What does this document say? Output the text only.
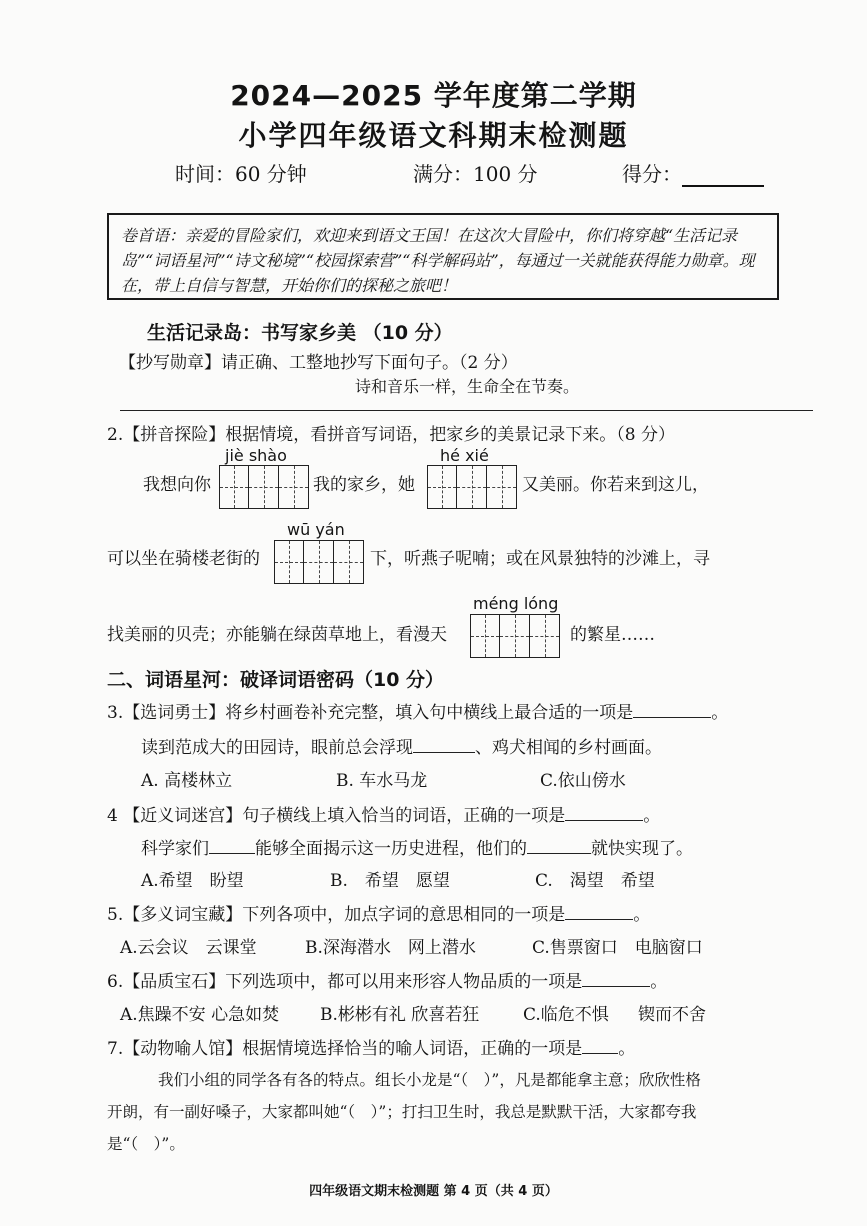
2024—2025 学年度第二学期
小学四年级语文科期末检测题
时间：60 分钟	满分：100 分	得分：
卷首语：亲爱的冒险家们，欢迎来到语文王国！在这次大冒险中，你们将穿越“生活记录岛”“词语星河”“诗文秘境”“校园探索营”“科学解码站”，每通过一关就能获得能力勋章。现在，带上自信与智慧，开始你们的探秘之旅吧！
生活记录岛：书写家乡美 （10 分）
【抄写勋章】请正确、工整地抄写下面句子。（2 分）
诗和音乐一样，生命全在节奏。
2.【拼音探险】根据情境，看拼音写词语，把家乡的美景记录下来。（8 分）
jiè shào	hé xié
我想向你	我的家乡，她	又美丽。你若来到这儿，
wū yán
可以坐在骑楼老街的	下，听燕子呢喃；或在风景独特的沙滩上，寻
méng lóng
找美丽的贝壳；亦能躺在绿茵草地上，看漫天	的繁星……
二、词语星河：破译词语密码（10 分）
3.【选词勇士】将乡村画卷补充完整，填入句中横线上最合适的一项是	。
读到范成大的田园诗，眼前总会浮现	、鸡犬相闻的乡村画面。
A. 高楼林立	B. 车水马龙	C.依山傍水
4 【近义词迷宫】句子横线上填入恰当的词语，正确的一项是	。
科学家们	能够全面揭示这一历史进程，他们的	就快实现了。
A.希望　盼望	B.　希望　愿望	C.　渴望　希望
5.【多义词宝藏】下列各项中，加点字词的意思相同的一项是	。
A.云会议　云课堂	B.深海潜水　网上潜水	C.售票窗口　电脑窗口
6.【品质宝石】下列选项中，都可以用来形容人物品质的一项是	。
A.焦躁不安 心急如焚 B.彬彬有礼 欣喜若狂	C.临危不惧 锲而不舍
7.【动物喻人馆】根据情境选择恰当的喻人词语，正确的一项是 。
我们小组的同学各有各的特点。组长小龙是“（　）”，凡是都能拿主意；欣欣性格
开朗，有一副好嗓子，大家都叫她“（　）”；打扫卫生时，我总是默默干活，大家都夸我
是“（　）”。
四年级语文期末检测题 第 4 页（共 4 页）
